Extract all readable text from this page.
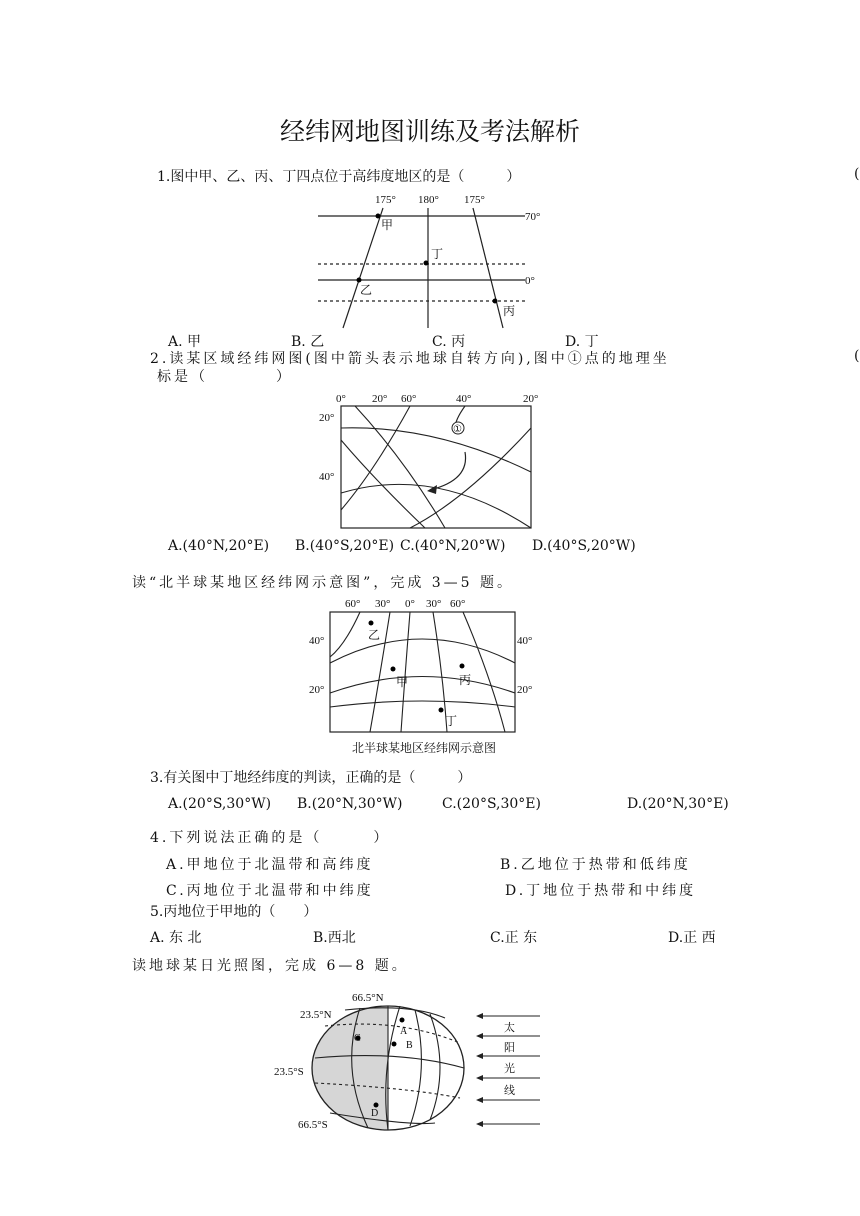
经纬网地图训练及考法解析
(
(
1.图中甲、乙、丙、丁四点位于高纬度地区的是（　　　）
175° 180° 175°
70°
0°
甲
丁
乙
丙
A. 甲	B. 乙	C. 丙	D. 丁
2.读某区域经纬网图(图中箭头表示地球自转方向),图中①点的地理坐
标是（　　　　）
0° 20° 60°	40°	20°
20°
40°
①
A.(40°N,20°E) B.(40°S,20°E) C.(40°N,20°W) D.(40°S,20°W)
读“北半球某地区经纬网示意图”，完成 3—5 题。
60° 30° 0° 30° 60°
40°
20°
40°
20°
乙
甲	丙
丁
北半球某地区经纬网示意图
3.有关图中丁地经纬度的判读，正确的是（　　　）
A.(20°S,30°W) B.(20°N,30°W)	C.(20°S,30°E)	D.(20°N,30°E)
4.下列说法正确的是（　　　）
A.甲地位于北温带和高纬度	B.乙地位于热带和低纬度
C.丙地位于北温带和中纬度	D.丁地位于热带和中纬度
5.丙地位于甲地的（　　）
A. 东 北	B.西北	C.正 东	D.正 西
读地球某日光照图，完成 6—8 题。
66.5°N
23.5°N
23.5°S
66.5°S
A
B
C
D
太
阳
光
线
